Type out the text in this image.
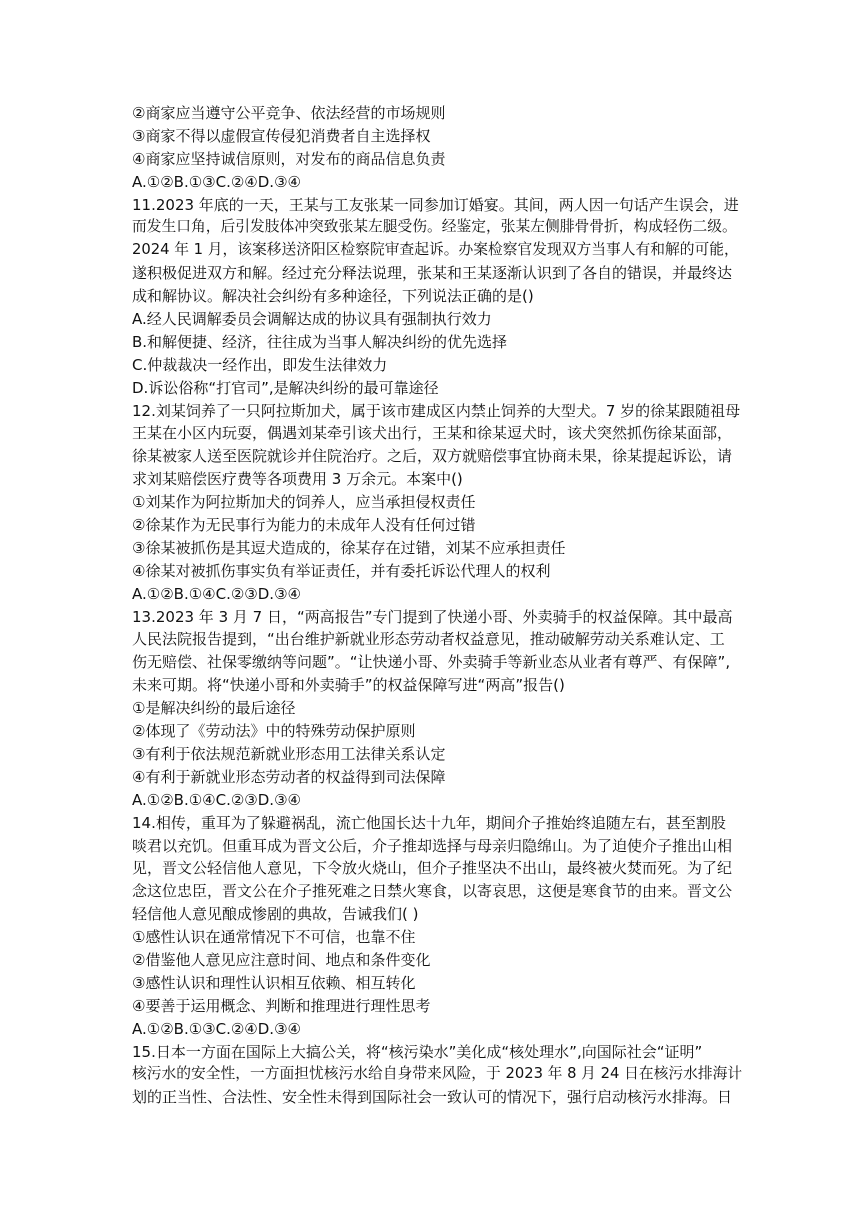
②商家应当遵守公平竞争、依法经营的市场规则
③商家不得以虚假宣传侵犯消费者自主选择权
④商家应坚持诚信原则，对发布的商品信息负责
A.①②B.①③C.②④D.③④
11.2023 年底的一天，王某与工友张某一同参加订婚宴。其间，两人因一句话产生误会，进
而发生口角，后引发肢体冲突致张某左腿受伤。经鉴定，张某左侧腓骨骨折，构成轻伤二级。
2024 年 1 月，该案移送济阳区检察院审查起诉。办案检察官发现双方当事人有和解的可能，
遂积极促进双方和解。经过充分释法说理，张某和王某逐渐认识到了各自的错误，并最终达
成和解协议。解决社会纠纷有多种途径，下列说法正确的是()
A.经人民调解委员会调解达成的协议具有强制执行效力
B.和解便捷、经济，往往成为当事人解决纠纷的优先选择
C.仲裁裁决一经作出，即发生法律效力
D.诉讼俗称“打官司”,是解决纠纷的最可靠途径
12.刘某饲养了一只阿拉斯加犬，属于该市建成区内禁止饲养的大型犬。7 岁的徐某跟随祖母
王某在小区内玩耍，偶遇刘某牵引该犬出行，王某和徐某逗犬时，该犬突然抓伤徐某面部，
徐某被家人送至医院就诊并住院治疗。之后，双方就赔偿事宜协商未果，徐某提起诉讼，请
求刘某赔偿医疗费等各项费用 3 万余元。本案中()
①刘某作为阿拉斯加犬的饲养人，应当承担侵权责任
②徐某作为无民事行为能力的未成年人没有任何过错
③徐某被抓伤是其逗犬造成的，徐某存在过错，刘某不应承担责任
④徐某对被抓伤事实负有举证责任，并有委托诉讼代理人的权利
A.①②B.①④C.②③D.③④
13.2023 年 3 月 7 日，“两高报告”专门提到了快递小哥、外卖骑手的权益保障。其中最高
人民法院报告提到，“出台维护新就业形态劳动者权益意见，推动破解劳动关系难认定、工
伤无赔偿、社保零缴纳等问题”。“让快递小哥、外卖骑手等新业态从业者有尊严、有保障”,
未来可期。将“快递小哥和外卖骑手”的权益保障写进“两高”报告()
①是解决纠纷的最后途径
②体现了《劳动法》中的特殊劳动保护原则
③有利于依法规范新就业形态用工法律关系认定
④有利于新就业形态劳动者的权益得到司法保障
A.①②B.①④C.②③D.③④
14.相传，重耳为了躲避祸乱，流亡他国长达十九年，期间介子推始终追随左右，甚至割股
啖君以充饥。但重耳成为晋文公后，介子推却选择与母亲归隐绵山。为了迫使介子推出山相
见，晋文公轻信他人意见，下令放火烧山，但介子推坚决不出山，最终被火焚而死。为了纪
念这位忠臣，晋文公在介子推死难之日禁火寒食，以寄哀思，这便是寒食节的由来。晋文公
轻信他人意见酿成惨剧的典故，告诫我们( )
①感性认识在通常情况下不可信，也靠不住
②借鉴他人意见应注意时间、地点和条件变化
③感性认识和理性认识相互依赖、相互转化
④要善于运用概念、判断和推理进行理性思考
A.①②B.①③C.②④D.③④
15.日本一方面在国际上大搞公关，将“核污染水”美化成“核处理水”,向国际社会“证明”
核污水的安全性，一方面担忧核污水给自身带来风险，于 2023 年 8 月 24 日在核污水排海计
划的正当性、合法性、安全性未得到国际社会一致认可的情况下，强行启动核污水排海。日
